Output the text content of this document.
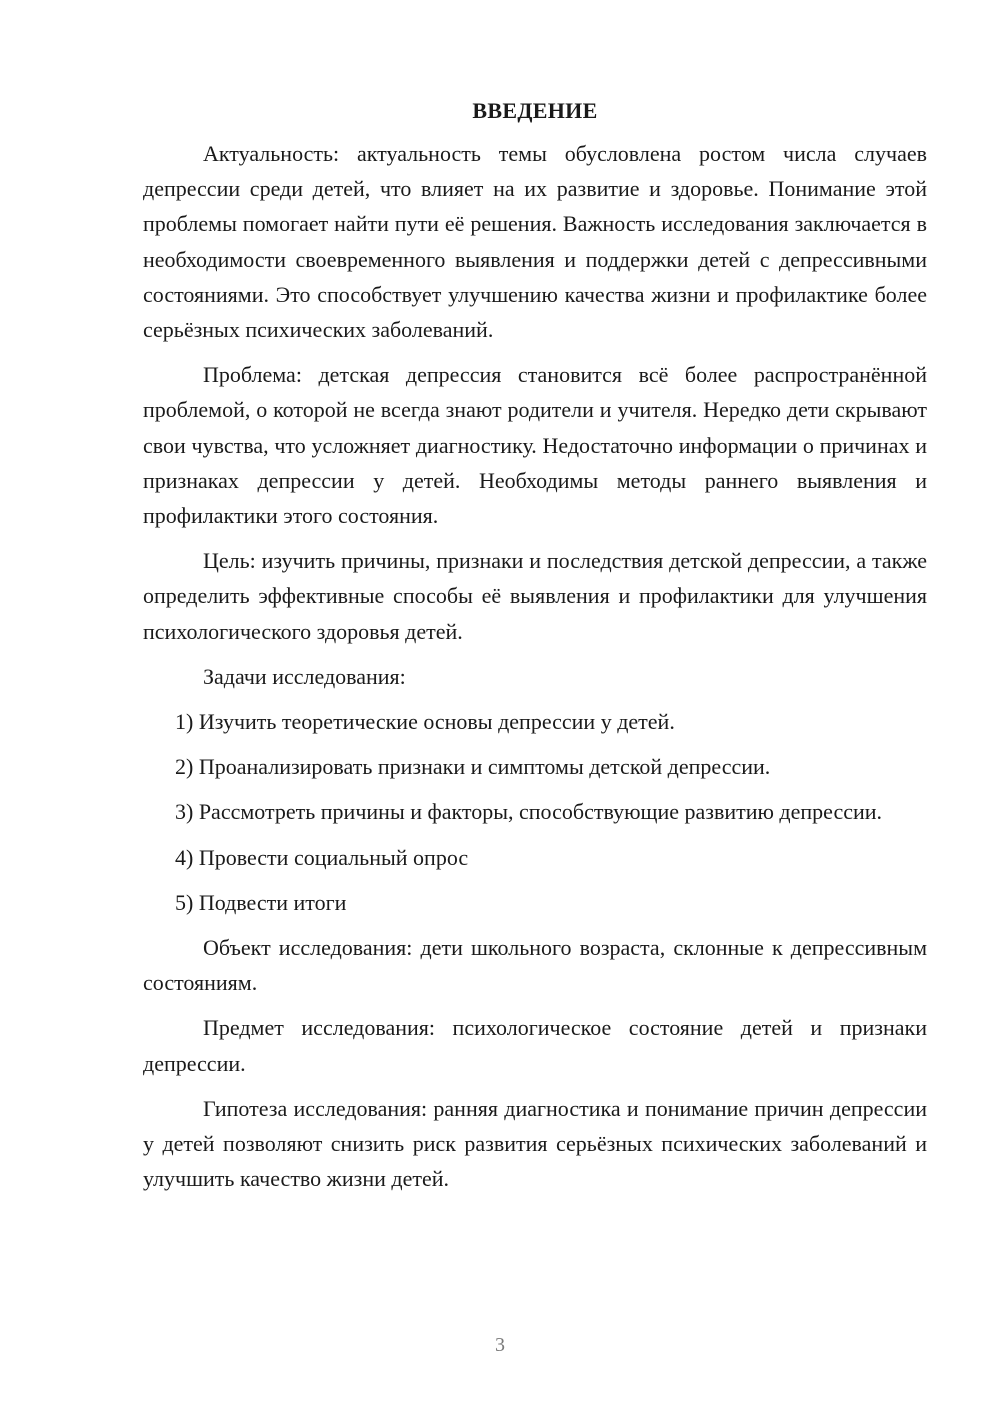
ВВЕДЕНИЕ

Актуальность: актуальность темы обусловлена ростом числа случаев депрессии среди детей, что влияет на их развитие и здоровье. Понимание этой проблемы помогает найти пути её решения. Важность исследования заключается в необходимости своевременного выявления и поддержки детей с депрессивными состояниями. Это способствует улучшению качества жизни и профилактике более серьёзных психических заболеваний.

Проблема: детская депрессия становится всё более распространённой проблемой, о которой не всегда знают родители и учителя. Нередко дети скрывают свои чувства, что усложняет диагностику. Недостаточно информации о причинах и признаках депрессии у детей. Необходимы методы раннего выявления и профилактики этого состояния.

Цель: изучить причины, признаки и последствия детской депрессии, а также определить эффективные способы её выявления и профилактики для улучшения психологического здоровья детей.

Задачи исследования:

1) Изучить теоретические основы депрессии у детей.

2) Проанализировать признаки и симптомы детской депрессии.

3) Рассмотреть причины и факторы, способствующие развитию депрессии.

4) Провести социальный опрос

5) Подвести итоги

Объект исследования: дети школьного возраста, склонные к депрессивным состояниям.

Предмет исследования: психологическое состояние детей и признаки депрессии.

Гипотеза исследования: ранняя диагностика и понимание причин депрессии у детей позволяют снизить риск развития серьёзных психических заболеваний и улучшить качество жизни детей.

3
